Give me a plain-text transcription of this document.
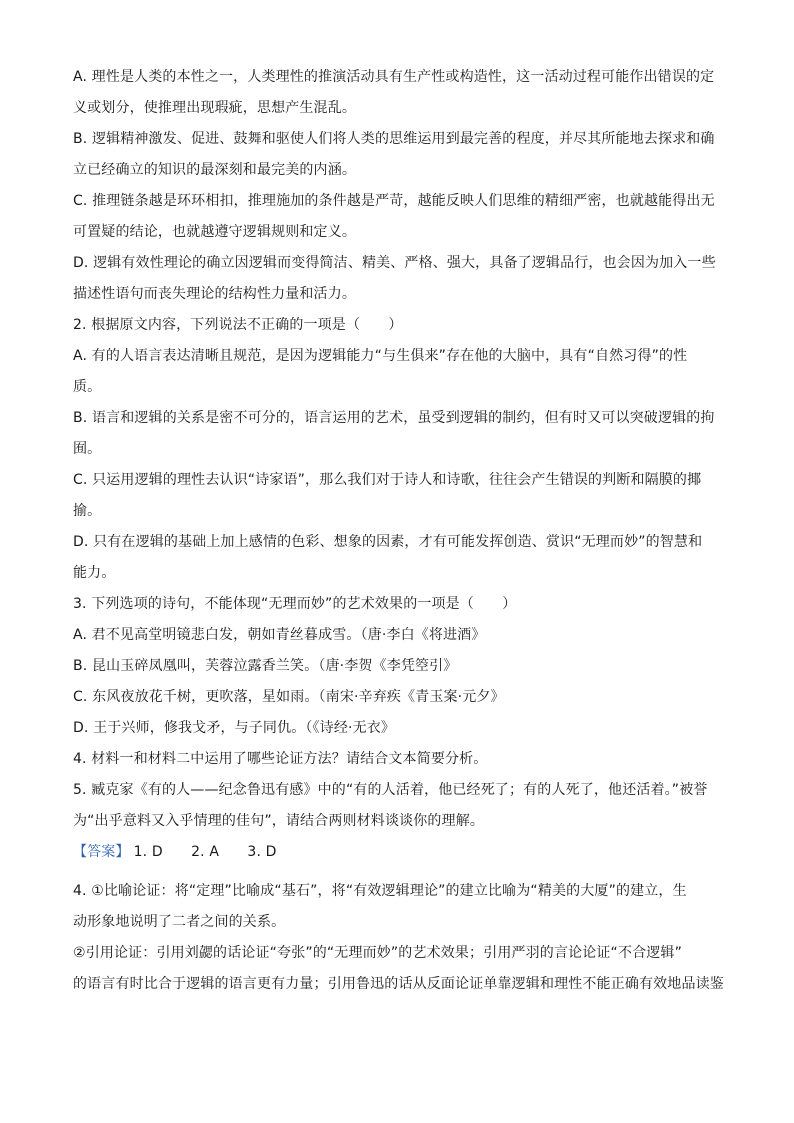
A. 理性是人类的本性之一，人类理性的推演活动具有生产性或构造性，这一活动过程可能作出错误的定
义或划分，使推理出现瑕疵，思想产生混乱。
B. 逻辑精神激发、促进、鼓舞和驱使人们将人类的思维运用到最完善的程度，并尽其所能地去探求和确
立已经确立的知识的最深刻和最完美的内涵。
C. 推理链条越是环环相扣，推理施加的条件越是严苛，越能反映人们思维的精细严密，也就越能得出无
可置疑的结论，也就越遵守逻辑规则和定义。
D. 逻辑有效性理论的确立因逻辑而变得简洁、精美、严格、强大，具备了逻辑品行，也会因为加入一些
描述性语句而丧失理论的结构性力量和活力。
2. 根据原文内容，下列说法不正确的一项是（　　）
A. 有的人语言表达清晰且规范，是因为逻辑能力“与生俱来”存在他的大脑中，具有“自然习得”的性
质。
B. 语言和逻辑的关系是密不可分的，语言运用的艺术，虽受到逻辑的制约，但有时又可以突破逻辑的拘
囿。
C. 只运用逻辑的理性去认识“诗家语”，那么我们对于诗人和诗歌，往往会产生错误的判断和隔膜的揶
揄。
D. 只有在逻辑的基础上加上感情的色彩、想象的因素，才有可能发挥创造、赏识“无理而妙”的智慧和
能力。
3. 下列选项的诗句，不能体现“无理而妙”的艺术效果的一项是（　　）
A. 君不见高堂明镜悲白发，朝如青丝暮成雪。（唐·李白《将进酒》
B. 昆山玉碎凤凰叫，芙蓉泣露香兰笑。（唐·李贺《李凭箜引》
C. 东风夜放花千树，更吹落，星如雨。（南宋·辛弃疾《青玉案·元夕》
D. 王于兴师，修我戈矛，与子同仇。（《诗经·无衣》
4. 材料一和材料二中运用了哪些论证方法？请结合文本简要分析。
5. 臧克家《有的人——纪念鲁迅有感》中的“有的人活着，他已经死了；有的人死了，他还活着。”被誉
为“出乎意料又入乎情理的佳句”，请结合两则材料谈谈你的理解。
【答案】 1. D　　2. A　　3. D
4. ①比喻论证：将“定理”比喻成“基石”，将“有效逻辑理论”的建立比喻为“精美的大厦”的建立，生
动形象地说明了二者之间的关系。
②引用论证：引用刘勰的话论证“夸张”的“无理而妙”的艺术效果；引用严羽的言论论证“不合逻辑”
的语言有时比合于逻辑的语言更有力量；引用鲁迅的话从反面论证单靠逻辑和理性不能正确有效地品读鉴
